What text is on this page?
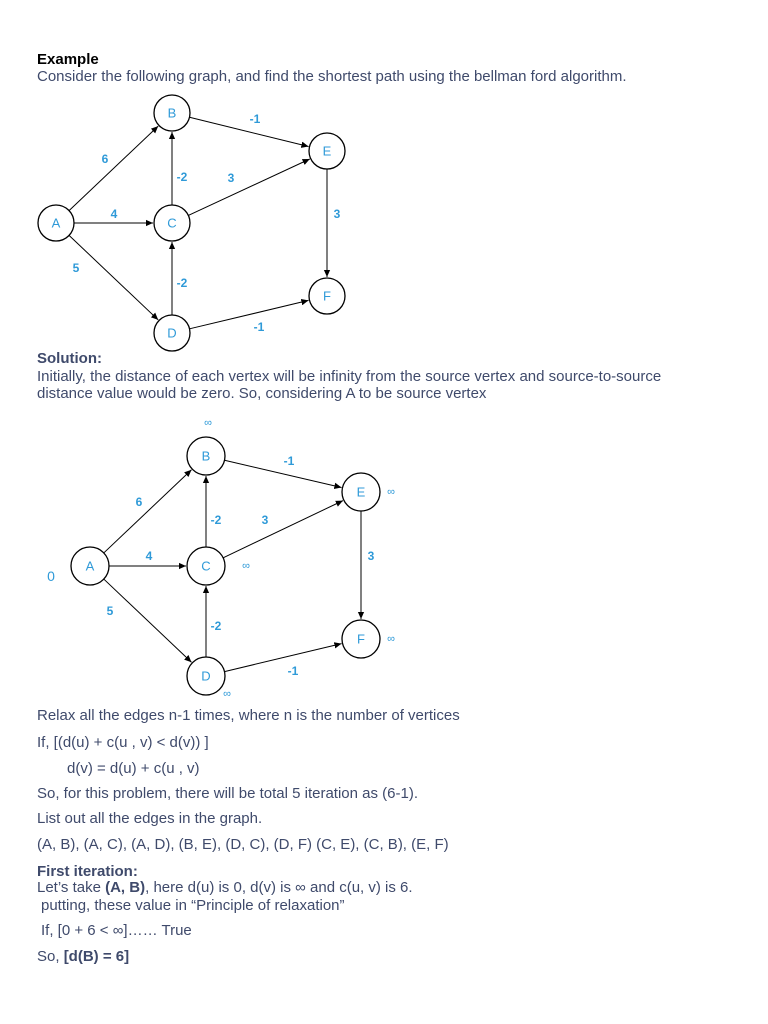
Example
Consider the following graph, and find the shortest path using the bellman ford algorithm.
6
4
5
-1
-2	3
-2
-1
3
A
B
C
D
E
F
Solution:
Initially, the distance of each vertex will be infinity from the source vertex and source-to-source
distance value would be zero. So, considering A to be source vertex
6
4
5
-1
-2	3
-2
-1
3
A
B
C
D
E
F
0
∞
∞
∞
∞
∞
Relax all the edges n-1 times, where n is the number of vertices
If, [(d(u) + c(u , v) < d(v)) ]
d(v) = d(u) + c(u , v)
So, for this problem, there will be total 5 iteration as (6-1).
List out all the edges in the graph.
(A, B), (A, C), (A, D), (B, E), (D, C), (D, F) (C, E), (C, B), (E, F)
First iteration:
Let’s take (A, B), here d(u) is 0, d(v) is ∞ and c(u, v) is 6.
putting, these value in “Principle of relaxation”
If, [0 + 6 < ∞]…… True
So, [d(B) = 6]
